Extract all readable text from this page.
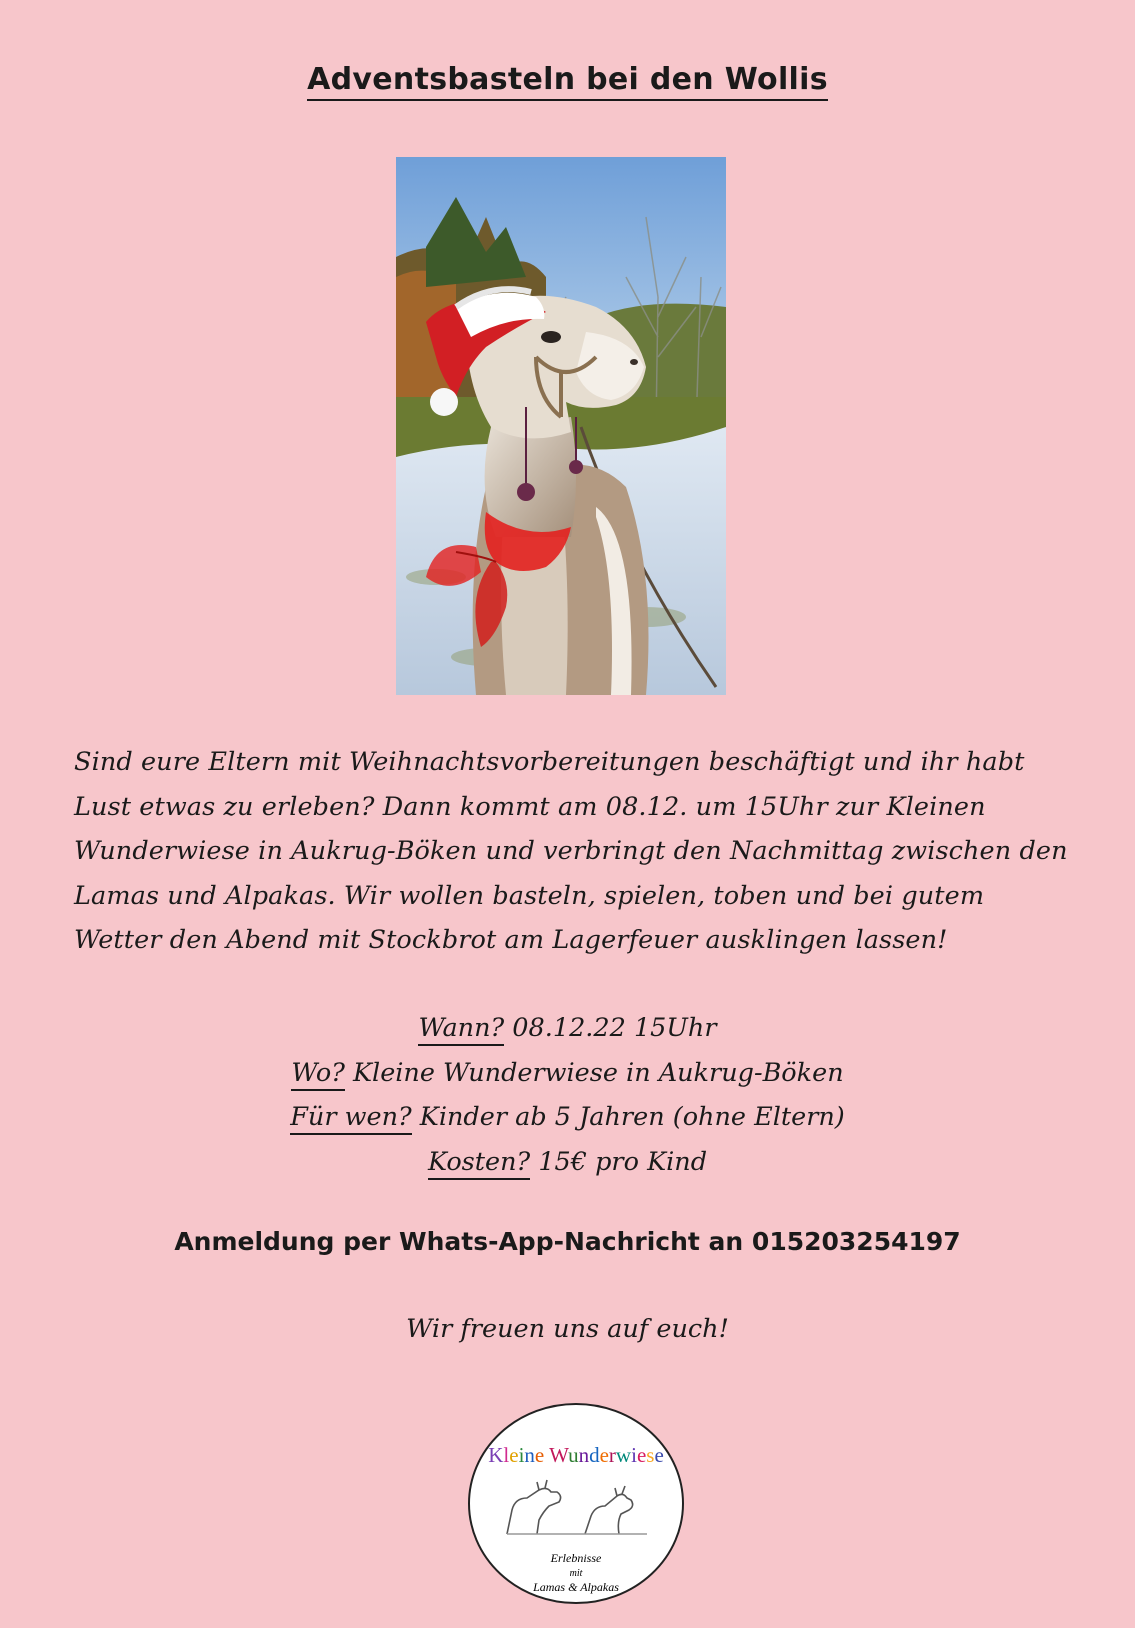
Adventsbasteln bei den Wollis
Sind eure Eltern mit Weihnachtsvorbereitungen beschäftigt und ihr habt Lust etwas zu erleben? Dann kommt am 08.12. um 15Uhr zur Kleinen Wunderwiese in Aukrug-Böken und verbringt den Nachmittag zwischen den Lamas und Alpakas. Wir wollen basteln, spielen, toben und bei gutem Wetter den Abend mit Stockbrot am Lagerfeuer ausklingen lassen!
Wann? 08.12.22 15Uhr
Wo? Kleine Wunderwiese in Aukrug-Böken
Für wen? Kinder ab 5 Jahren (ohne Eltern)
Kosten? 15€ pro Kind
Anmeldung per Whats-App-Nachricht an 015203254197
Wir freuen uns auf euch!
Kleine Wunderwiese
Erlebnisse
mit
Lamas & Alpakas
